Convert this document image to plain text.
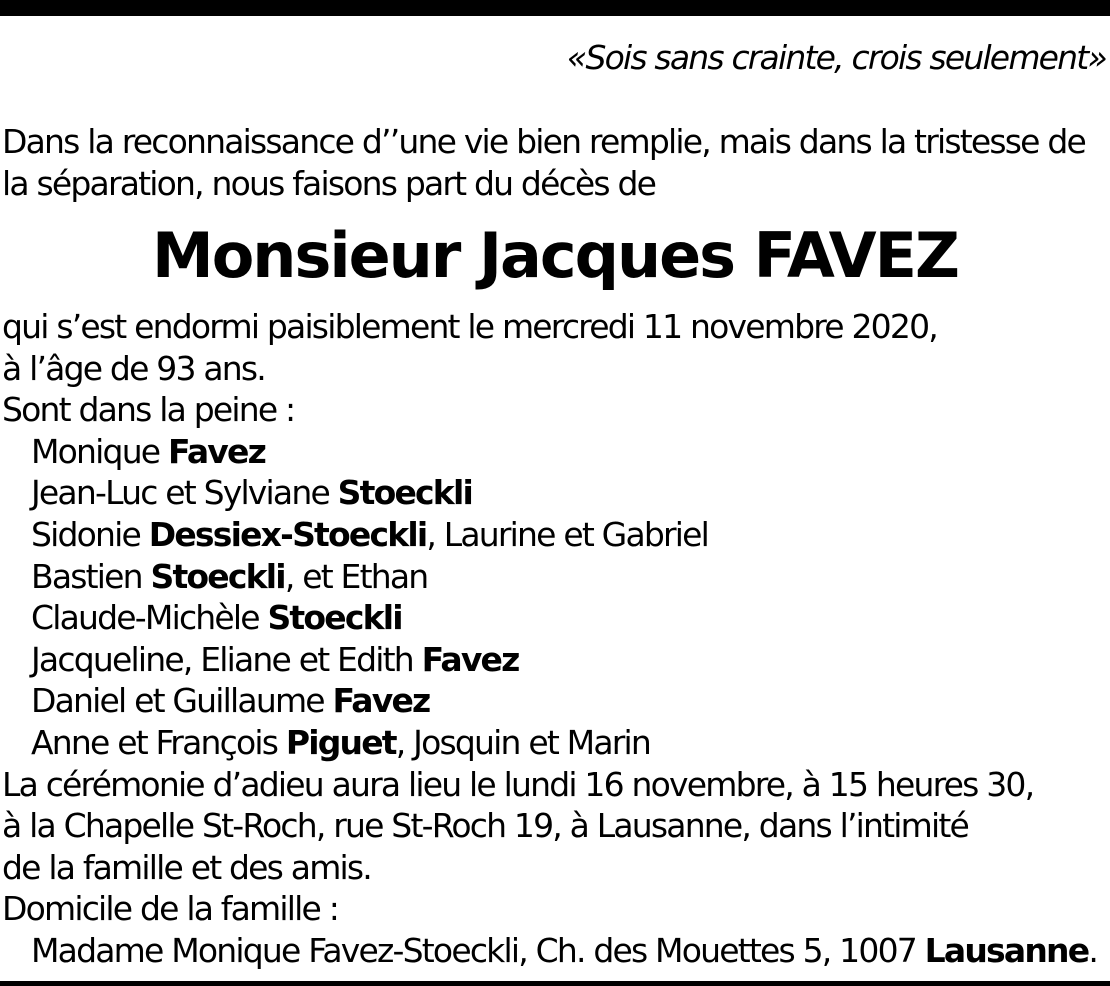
«Sois sans crainte, crois seulement»

Dans la reconnaissance d’’une vie bien remplie, mais dans la tristesse de
la séparation, nous faisons part du décès de

Monsieur Jacques FAVEZ
qui s’est endormi paisiblement le mercredi 11 novembre 2020,
à l’âge de 93 ans.
Sont dans la peine :
Monique Favez
Jean-Luc et Sylviane Stoeckli
Sidonie Dessiex-Stoeckli, Laurine et Gabriel
Bastien Stoeckli, et Ethan
Claude-Michèle Stoeckli
Jacqueline, Eliane et Edith Favez
Daniel et Guillaume Favez
Anne et François Piguet, Josquin et Marin
La cérémonie d’adieu aura lieu le lundi 16 novembre, à 15 heures 30,
à la Chapelle St-Roch, rue St-Roch 19, à Lausanne, dans l’intimité
de la famille et des amis.
Domicile de la famille :
Madame Monique Favez-Stoeckli, Ch. des Mouettes 5, 1007 Lausanne.
